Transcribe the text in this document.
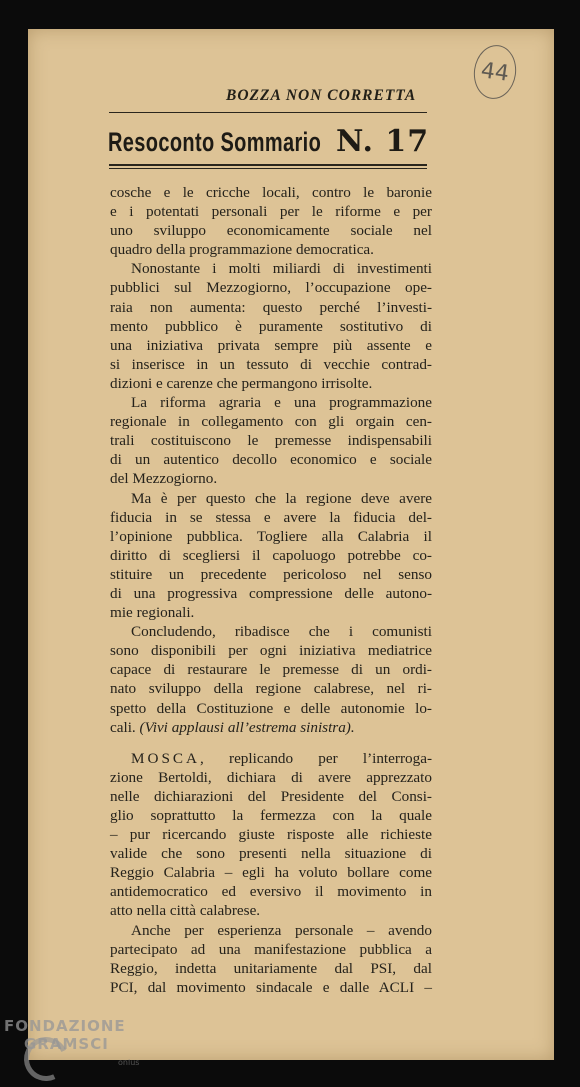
44
BOZZA NON CORRETTA
Resoconto Sommario N. 17
cosche e le cricche locali, contro le baronie
e i potentati personali per le riforme e per
uno sviluppo economicamente sociale nel
quadro della programmazione democratica.
Nonostante i molti miliardi di investimenti
pubblici sul Mezzogiorno, l’occupazione ope-
raia non aumenta: questo perché l’investi-
mento pubblico è puramente sostitutivo di
una iniziativa privata sempre più assente e
si inserisce in un tessuto di vecchie contrad-
dizioni e carenze che permangono irrisolte.
La riforma agraria e una programmazione
regionale in collegamento con gli orgain cen-
trali costituiscono le premesse indispensabili
di un autentico decollo economico e sociale
del Mezzogiorno.
Ma è per questo che la regione deve avere
fiducia in se stessa e avere la fiducia del-
l’opinione pubblica. Togliere alla Calabria il
diritto di scegliersi il capoluogo potrebbe co-
stituire un precedente pericoloso nel senso
di una progressiva compressione delle autono-
mie regionali.
Concludendo, ribadisce che i comunisti
sono disponibili per ogni iniziativa mediatrice
capace di restaurare le premesse di un ordi-
nato sviluppo della regione calabrese, nel ri-
spetto della Costituzione e delle autonomie lo-
cali. (Vivi applausi all’estrema sinistra).
MOSCA, replicando per l’interroga-
zione Bertoldi, dichiara di avere apprezzato
nelle dichiarazioni del Presidente del Consi-
glio soprattutto la fermezza con la quale
– pur ricercando giuste risposte alle richieste
valide che sono presenti nella situazione di
Reggio Calabria – egli ha voluto bollare come
antidemocratico ed eversivo il movimento in
atto nella città calabrese.
Anche per esperienza personale – avendo
partecipato ad una manifestazione pubblica a
Reggio, indetta unitariamente dal PSI, dal
PCI, dal movimento sindacale e dalle ACLI –
FONDAZIONE
GRAMSCI
onlus
